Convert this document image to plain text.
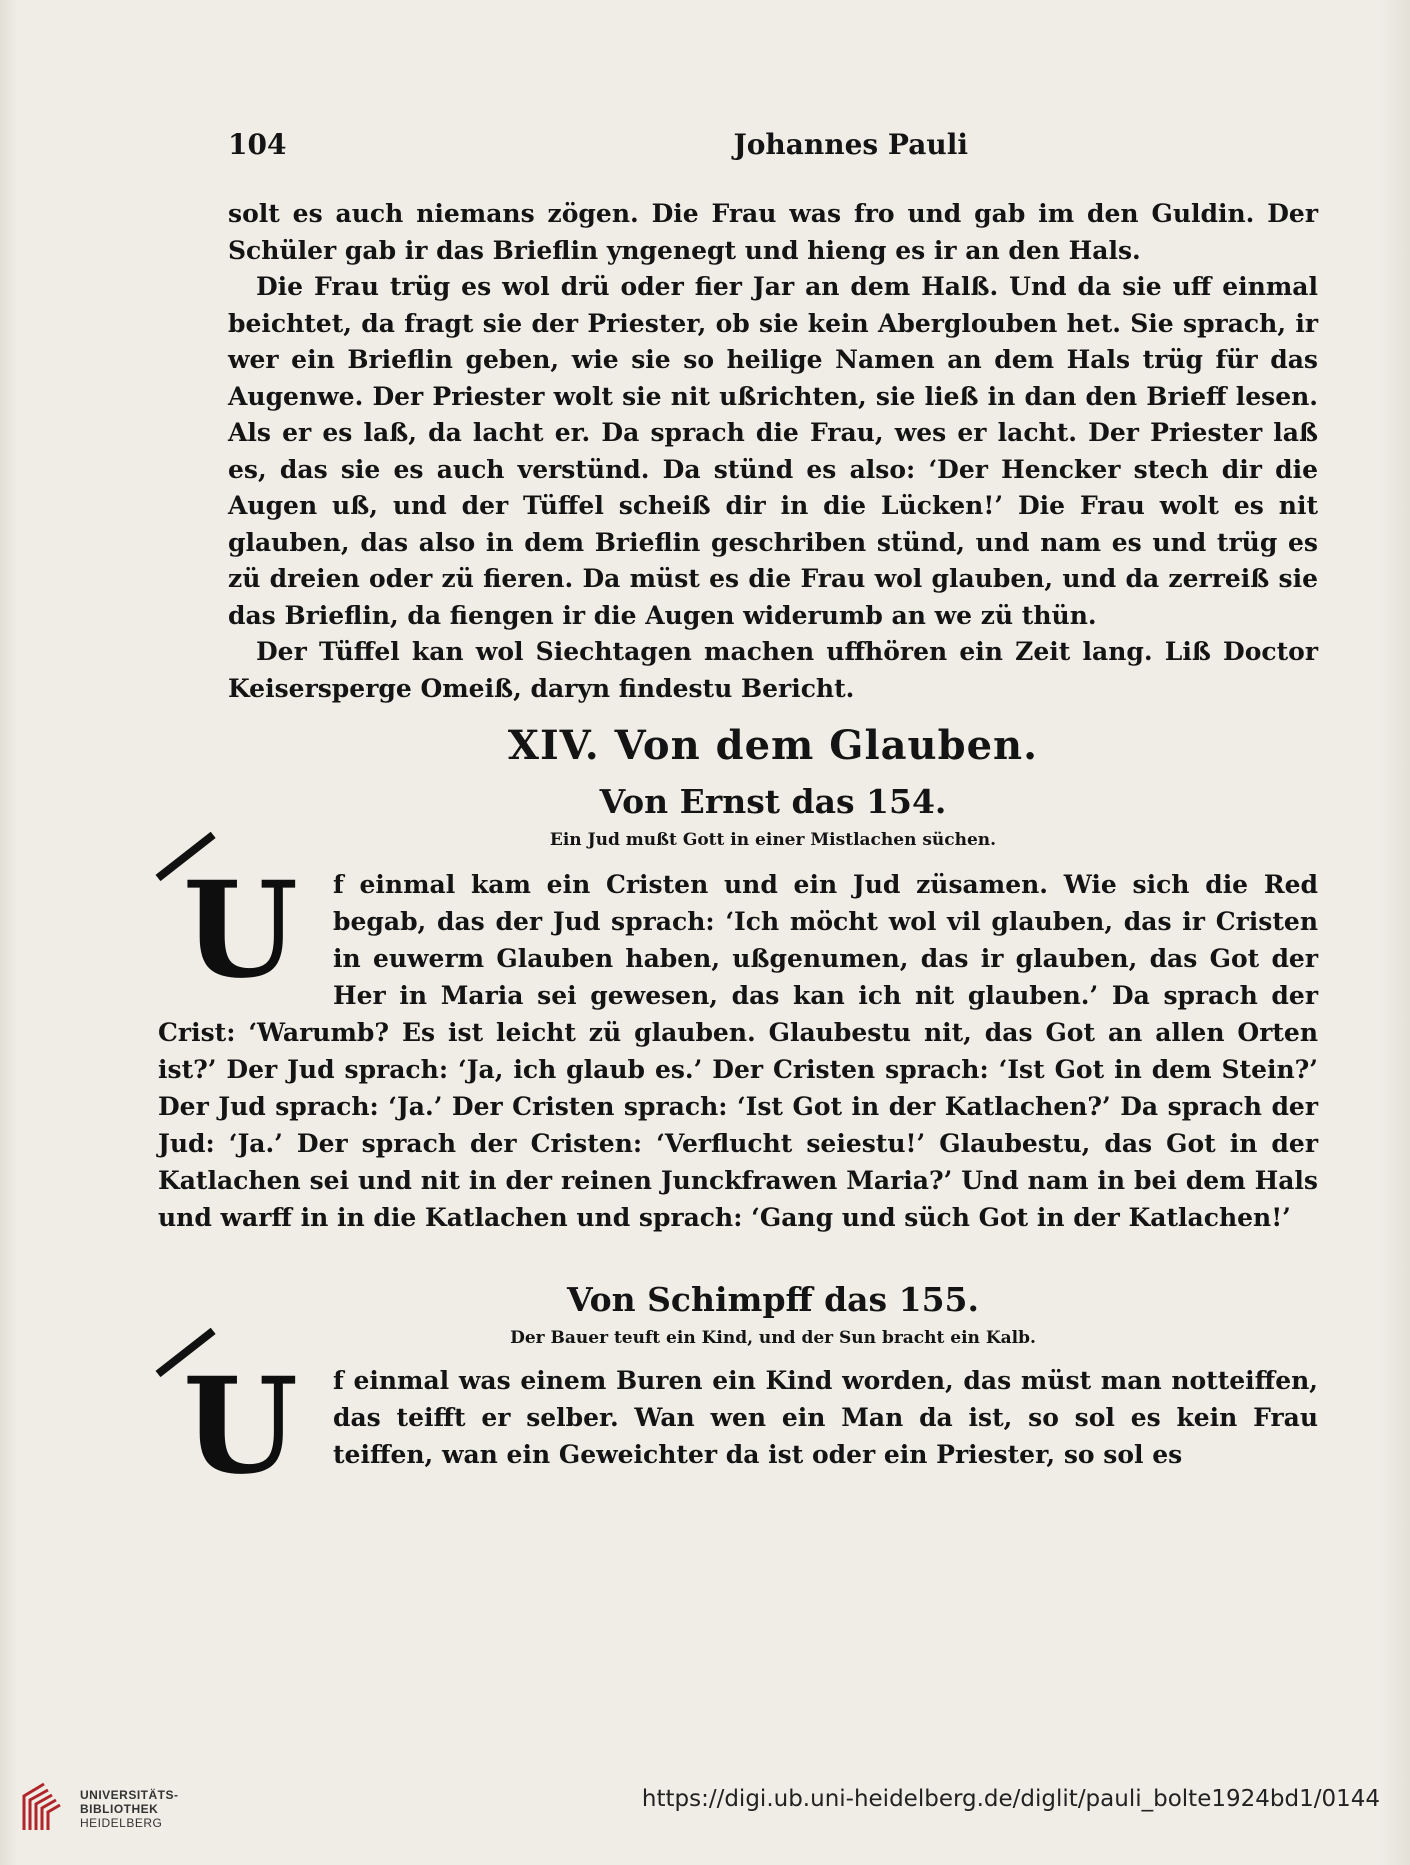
104	Johannes Pauli

solt es auch niemans zögen. Die Frau was fro und gab im den Guldin. Der Schüler gab ir das Brieflin yngenegt und hieng es ir an den Hals.

Die Frau trüg es wol drü oder fier Jar an dem Halß. Und da sie uff einmal beichtet, da fragt sie der Priester, ob sie kein Aberglouben het. Sie sprach, ir wer ein Brieflin geben, wie sie so heilige Namen an dem Hals trüg für das Augenwe. Der Priester wolt sie nit ußrichten, sie ließ in dan den Brieff lesen. Als er es laß, da lacht er. Da sprach die Frau, wes er lacht. Der Priester laß es, das sie es auch verstünd. Da stünd es also: ‘Der Hencker stech dir die Augen uß, und der Tüffel scheiß dir in die Lücken!’ Die Frau wolt es nit glauben, das also in dem Brieflin geschriben stünd, und nam es und trüg es zü dreien oder zü fieren. Da müst es die Frau wol glauben, und da zerreiß sie das Brieflin, da fiengen ir die Augen widerumb an we zü thün.

Der Tüffel kan wol Siechtagen machen uffhören ein Zeit lang. Liß Doctor Keisersperge Omeiß, daryn findestu Bericht.

XIV. Von dem Glauben.
Von Ernst das 154.
Ein Jud mußt Gott in einer Mistlachen süchen.
U	f einmal kam ein Cristen und ein Jud züsamen. Wie sich die Red begab, das der Jud sprach: ‘Ich möcht wol vil glauben, das ir Cristen in euwerm Glauben haben, ußgenumen, das ir glauben, das Got der Her in Maria sei gewesen, das kan ich nit glauben.’ Da sprach der Crist: ‘Warumb? Es ist leicht zü glauben. Glaubestu nit, das Got an allen Orten ist?’ Der Jud sprach: ‘Ja, ich glaub es.’ Der Cristen sprach: ‘Ist Got in dem Stein?’ Der Jud sprach: ‘Ja.’ Der Cristen sprach: ‘Ist Got in der Katlachen?’ Da sprach der Jud: ‘Ja.’ Der sprach der Cristen: ‘Verflucht seiestu!’ Glaubestu, das Got in der Katlachen sei und nit in der reinen Junckfrawen Maria?’ Und nam in bei dem Hals und warff in in die Katlachen und sprach: ‘Gang und süch Got in der Katlachen!’

Von Schimpff das 155.
Der Bauer teuft ein Kind, und der Sun bracht ein Kalb.
U	f einmal was einem Buren ein Kind worden, das müst man notteiffen, das teifft er selber. Wan wen ein Man da ist, so sol es kein Frau teiffen, wan ein Geweichter da ist oder ein Priester, so sol es

UNIVERSITÄTS-
BIBLIOTHEK
HEIDELBERG
https://digi.ub.uni-heidelberg.de/diglit/pauli_bolte1924bd1/0144
